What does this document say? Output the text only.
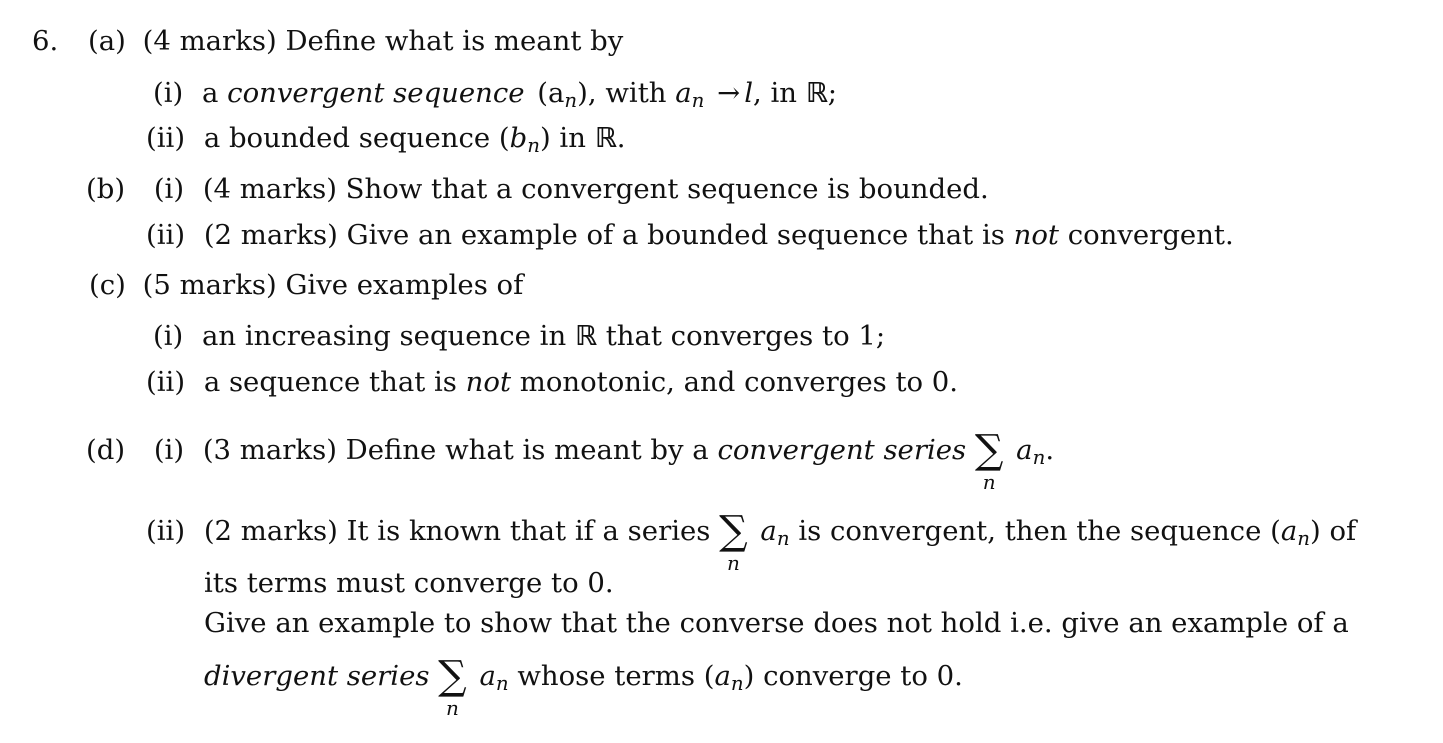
6. (a) (4 marks) Define what is meant by
(i) a convergent sequence $(a_n)$, with $a_n \to l$, in ℝ;
(ii) a bounded sequence $(b_n)$ in ℝ.
(b) (i) (4 marks) Show that a convergent sequence is bounded.
(ii) (2 marks) Give an example of a bounded sequence that is not convergent.
(c) (5 marks) Give examples of
(i) an increasing sequence in ℝ that converges to 1;
(ii) a sequence that is not monotonic, and converges to 0.
(d) (i) (3 marks) Define what is meant by a convergent series ∑
n
$a_n$.
(ii) (2 marks) It is known that if a series ∑
n
$a_n$ is convergent, then the sequence $(a_n)$ of
its terms must converge to 0.
Give an example to show that the converse does not hold i.e. give an example of a
divergent series ∑
n
$a_n$ whose terms $(a_n)$ converge to 0.
